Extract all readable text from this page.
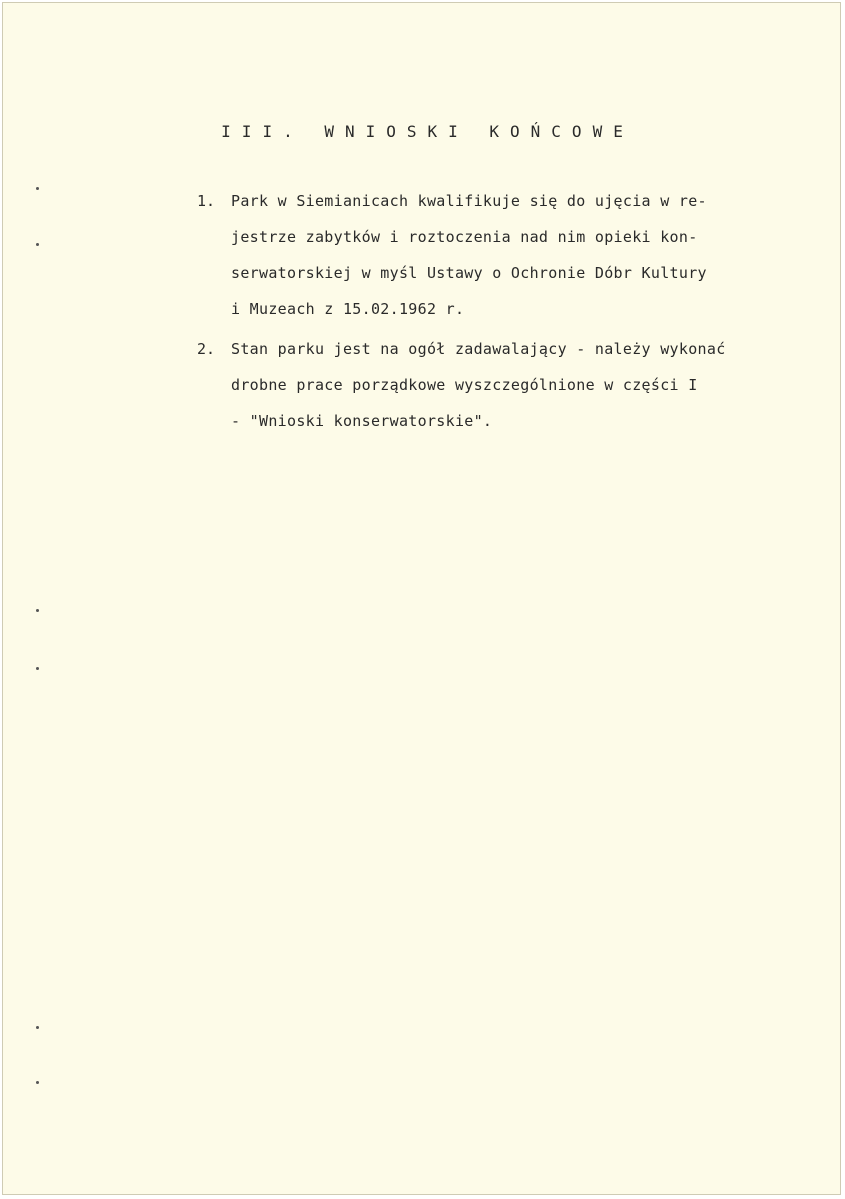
III. WNIOSKI KOŃCOWE
1. Park w Siemianicach kwalifikuje się do ujęcia w re-
jestrze zabytków i roztoczenia nad nim opieki kon-
serwatorskiej w myśl Ustawy o Ochronie Dóbr Kultury
i Muzeach z 15.02.1962 r.
2. Stan parku jest na ogół zadawalający - należy wykonać
drobne prace porządkowe wyszczególnione w części I
- "Wnioski konserwatorskie".
